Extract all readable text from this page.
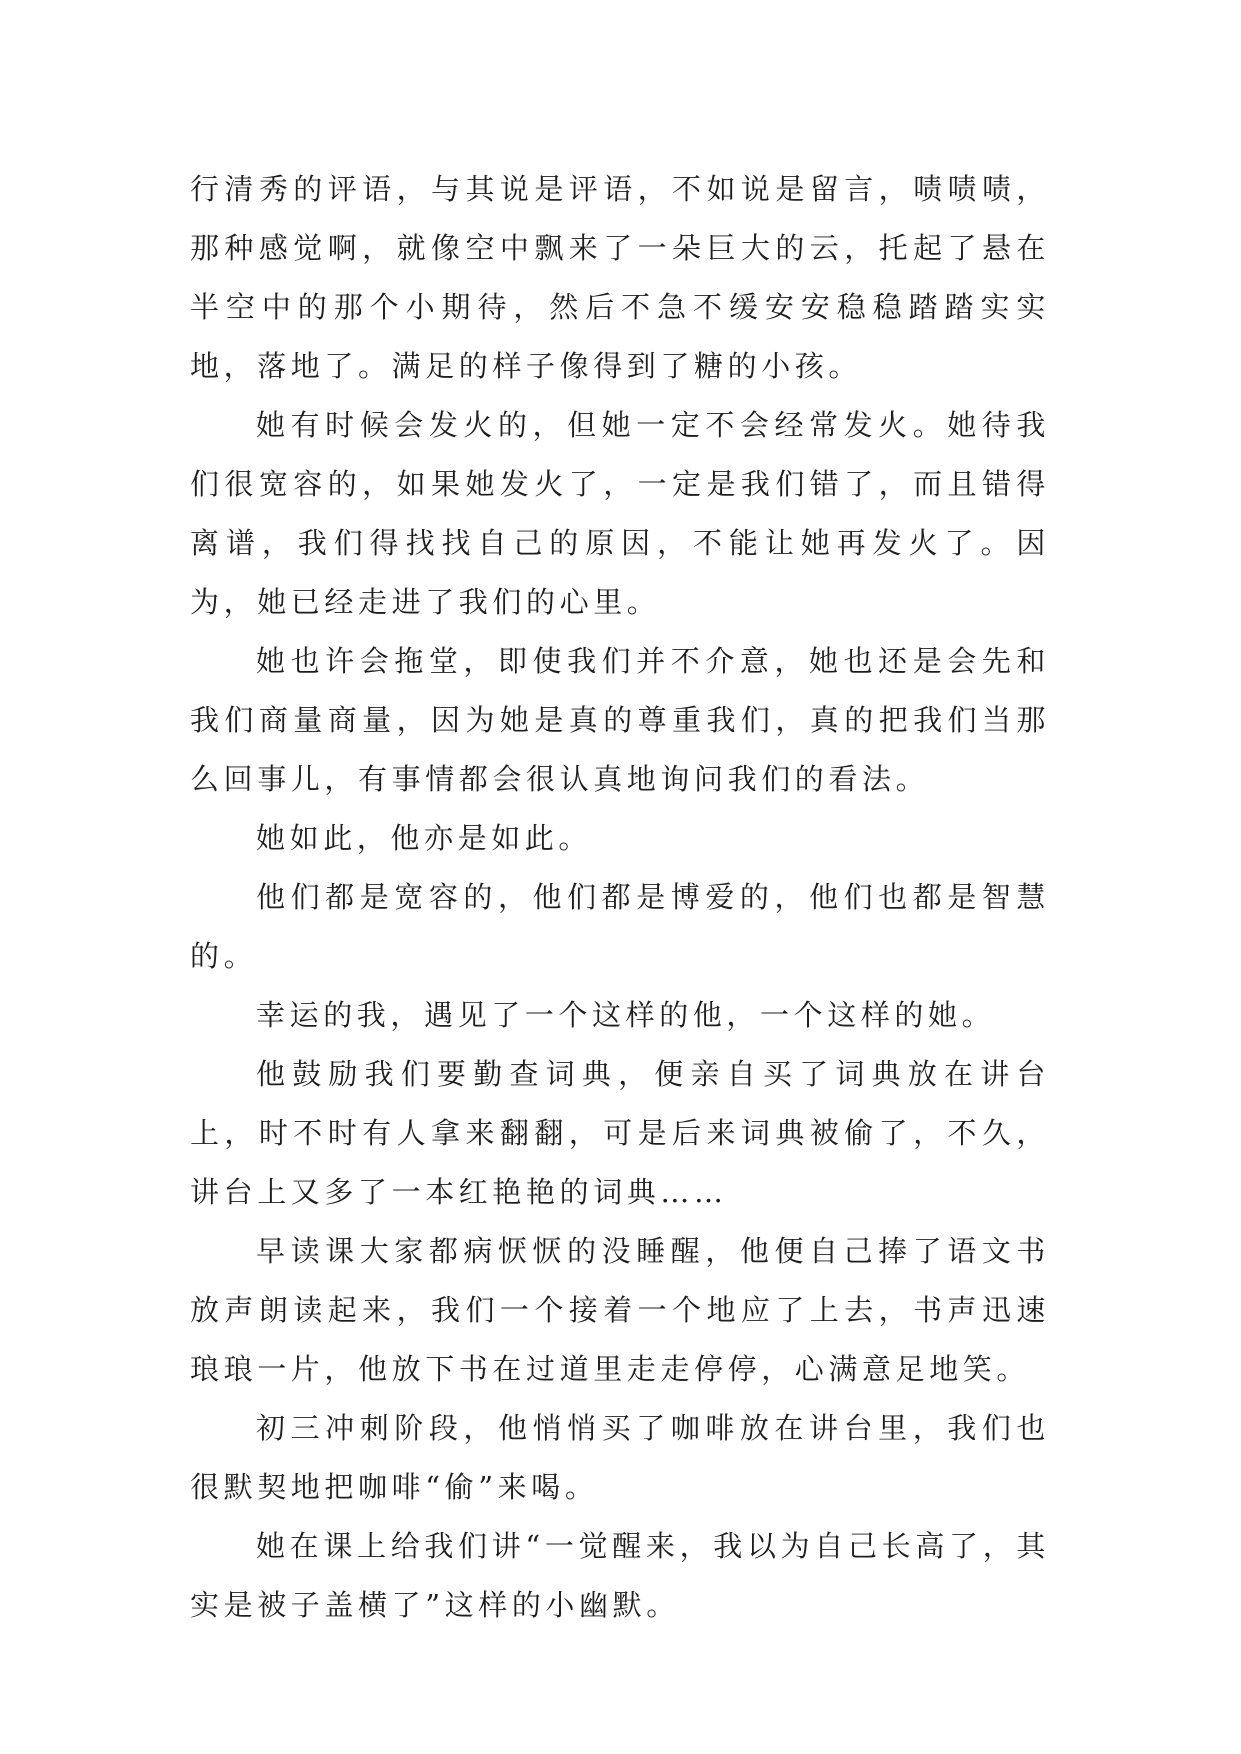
行清秀的评语，与其说是评语，不如说是留言，啧啧啧，那种感觉啊，就像空中飘来了一朵巨大的云，托起了悬在半空中的那个小期待，然后不急不缓安安稳稳踏踏实实地，落地了。满足的样子像得到了糖的小孩。

她有时候会发火的，但她一定不会经常发火。她待我们很宽容的，如果她发火了，一定是我们错了，而且错得离谱，我们得找找自己的原因，不能让她再发火了。因为，她已经走进了我们的心里。

她也许会拖堂，即使我们并不介意，她也还是会先和我们商量商量，因为她是真的尊重我们，真的把我们当那么回事儿，有事情都会很认真地询问我们的看法。

她如此，他亦是如此。

他们都是宽容的，他们都是博爱的，他们也都是智慧的。

幸运的我，遇见了一个这样的他，一个这样的她。

他鼓励我们要勤查词典，便亲自买了词典放在讲台上，时不时有人拿来翻翻，可是后来词典被偷了，不久，讲台上又多了一本红艳艳的词典……

早读课大家都病恹恹的没睡醒，他便自己捧了语文书放声朗读起来，我们一个接着一个地应了上去，书声迅速琅琅一片，他放下书在过道里走走停停，心满意足地笑。

初三冲刺阶段，他悄悄买了咖啡放在讲台里，我们也很默契地把咖啡“偷”来喝。

她在课上给我们讲“一觉醒来，我以为自己长高了，其实是被子盖横了”这样的小幽默。
